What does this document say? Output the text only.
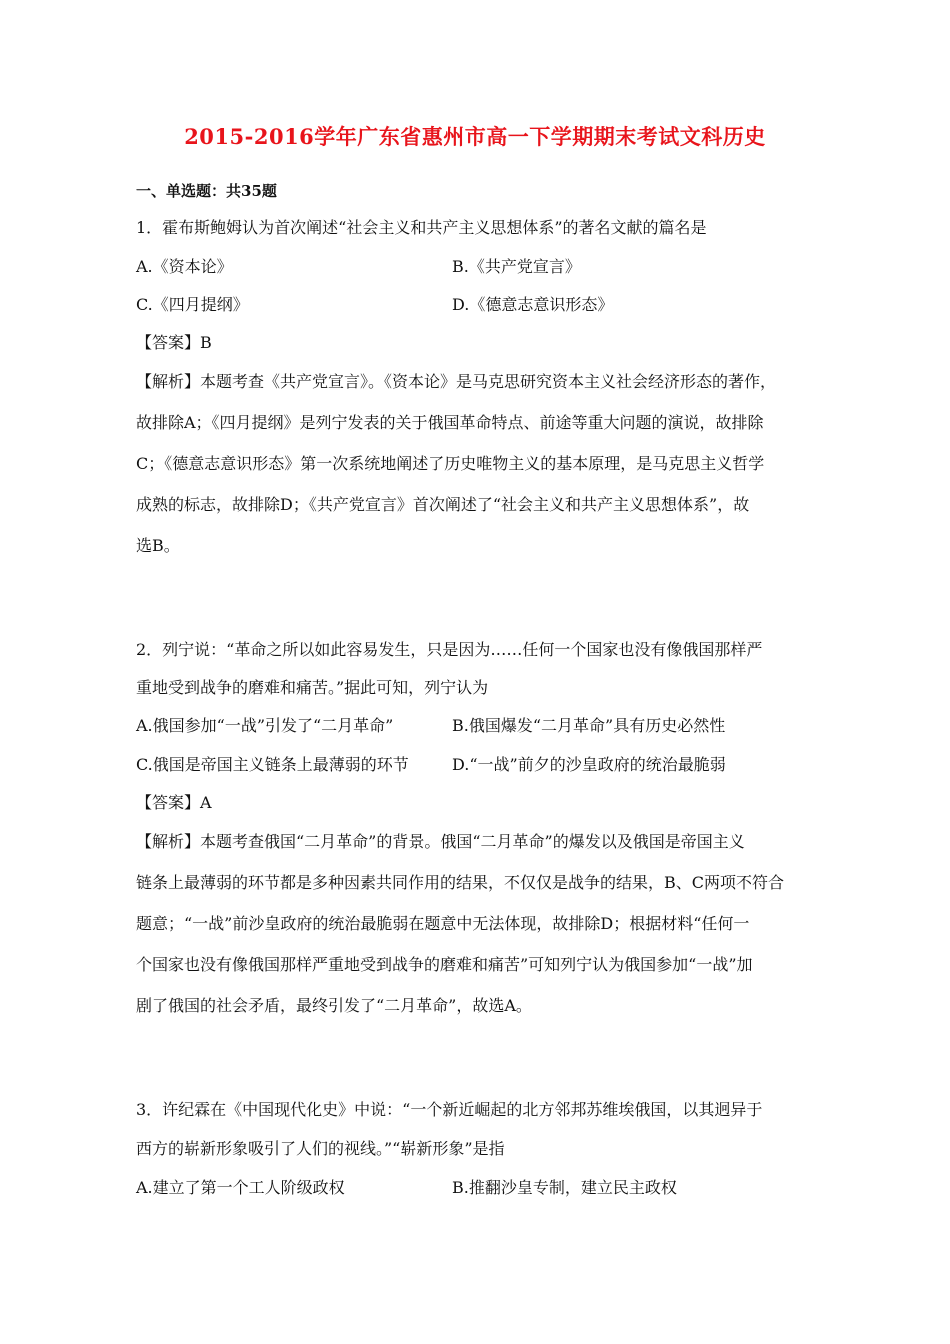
2015-2016学年广东省惠州市高一下学期期末考试文科历史
一、单选题：共35题
1．霍布斯鲍姆认为首次阐述“社会主义和共产主义思想体系”的著名文献的篇名是
A.《资本论》	B.《共产党宣言》
C.《四月提纲》	D.《德意志意识形态》
【答案】B
【解析】本题考查《共产党宣言》。《资本论》是马克思研究资本主义社会经济形态的著作，
故排除A；《四月提纲》是列宁发表的关于俄国革命特点、前途等重大问题的演说，故排除
C；《德意志意识形态》第一次系统地阐述了历史唯物主义的基本原理，是马克思主义哲学
成熟的标志，故排除D；《共产党宣言》首次阐述了“社会主义和共产主义思想体系”，故
选B。
2．列宁说：“革命之所以如此容易发生，只是因为……任何一个国家也没有像俄国那样严
重地受到战争的磨难和痛苦。”据此可知，列宁认为
A.俄国参加“一战”引发了“二月革命”	B.俄国爆发“二月革命”具有历史必然性
C.俄国是帝国主义链条上最薄弱的环节	D.“一战”前夕的沙皇政府的统治最脆弱
【答案】A
【解析】本题考查俄国“二月革命”的背景。俄国“二月革命”的爆发以及俄国是帝国主义
链条上最薄弱的环节都是多种因素共同作用的结果，不仅仅是战争的结果，B、C两项不符合
题意；“一战”前沙皇政府的统治最脆弱在题意中无法体现，故排除D；根据材料“任何一
个国家也没有像俄国那样严重地受到战争的磨难和痛苦”可知列宁认为俄国参加“一战”加
剧了俄国的社会矛盾，最终引发了“二月革命”，故选A。
3．许纪霖在《中国现代化史》中说：“一个新近崛起的北方邻邦苏维埃俄国，以其迥异于
西方的崭新形象吸引了人们的视线。”“崭新形象”是指
A.建立了第一个工人阶级政权	B.推翻沙皇专制，建立民主政权
